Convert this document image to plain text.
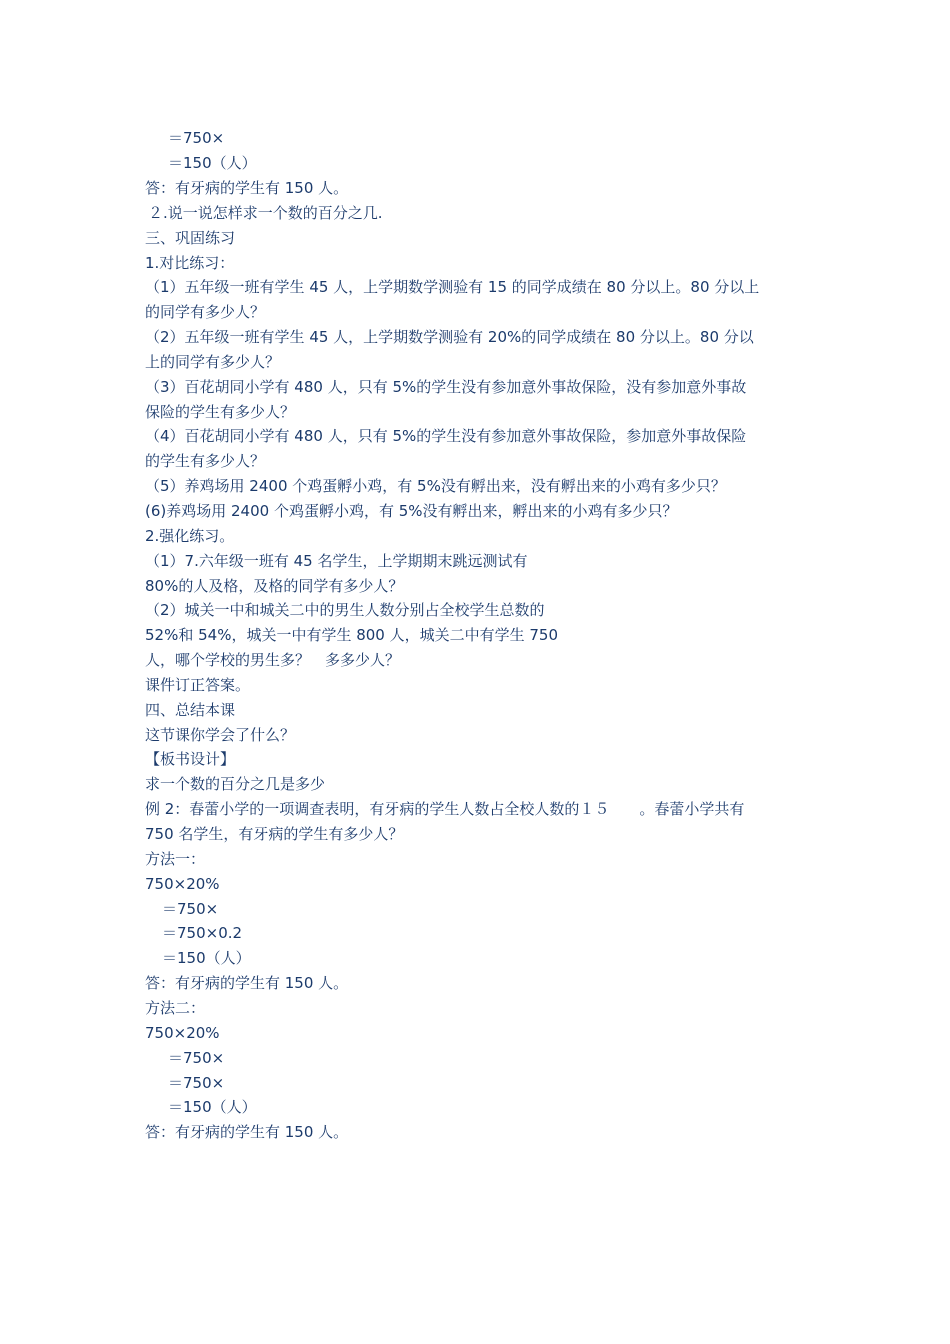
＝750×
＝150（人）
答：有牙病的学生有 150 人。
２.说一说怎样求一个数的百分之几.
三、巩固练习
1.对比练习：
（1）五年级一班有学生 45 人，上学期数学测验有 15 的同学成绩在 80 分以上。80 分以上
的同学有多少人？
（2）五年级一班有学生 45 人，上学期数学测验有 20%的同学成绩在 80 分以上。80 分以
上的同学有多少人？
（3）百花胡同小学有 480 人，只有 5%的学生没有参加意外事故保险，没有参加意外事故
保险的学生有多少人？
（4）百花胡同小学有 480 人，只有 5%的学生没有参加意外事故保险，参加意外事故保险
的学生有多少人？
（5）养鸡场用 2400 个鸡蛋孵小鸡，有 5%没有孵出来，没有孵出来的小鸡有多少只？
(6)养鸡场用 2400 个鸡蛋孵小鸡，有 5%没有孵出来，孵出来的小鸡有多少只？
2.强化练习。
（1）7.六年级一班有 45 名学生，上学期期末跳远测试有
80%的人及格，及格的同学有多少人？
（2）城关一中和城关二中的男生人数分别占全校学生总数的
52%和 54%，城关一中有学生 800 人，城关二中有学生 750
人，哪个学校的男生多？　多多少人？
课件订正答案。
四、总结本课
这节课你学会了什么？
【板书设计】
求一个数的百分之几是多少
例 2：春蕾小学的一项调查表明，有牙病的学生人数占全校人数的１５　　。春蕾小学共有
750 名学生，有牙病的学生有多少人？
方法一：
750×20%
＝750×
＝750×0.2
＝150（人）
答：有牙病的学生有 150 人。
方法二：
750×20%
＝750×
＝750×
＝150（人）
答：有牙病的学生有 150 人。
